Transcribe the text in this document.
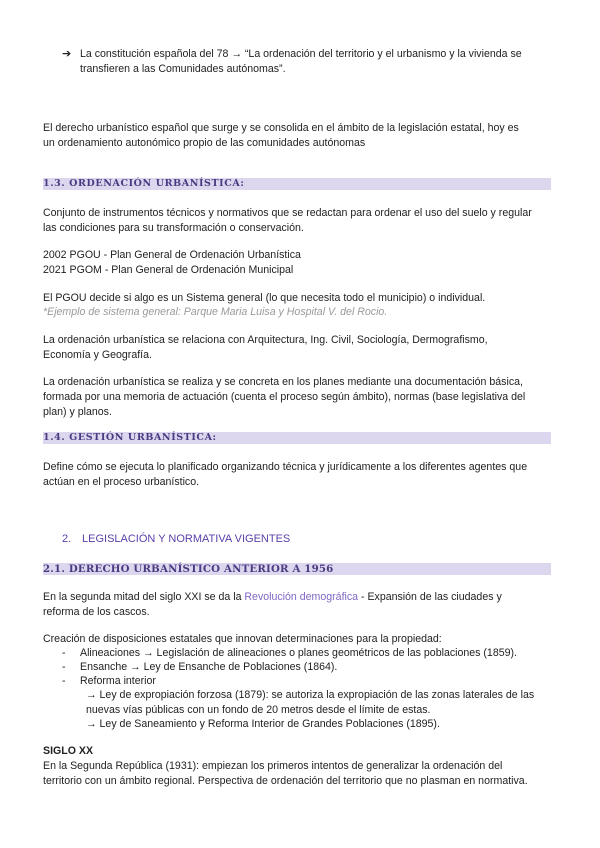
➔ La constitución española del 78 → “La ordenación del territorio y el urbanismo y la vivienda se transfieren a las Comunidades autónomas”.

El derecho urbanístico español que surge y se consolida en el ámbito de la legislación estatal, hoy es un ordenamiento autonómico propio de las comunidades autónomas

1.3. ORDENACIÓN URBANÍSTICA:

Conjunto de instrumentos técnicos y normativos que se redactan para ordenar el uso del suelo y regular las condiciones para su transformación o conservación.

2002 PGOU - Plan General de Ordenación Urbanística

2021 PGOM - Plan General de Ordenación Municipal

El PGOU decide si algo es un Sistema general (lo que necesita todo el municipio) o individual.

*Ejemplo de sistema general: Parque Maria Luisa y Hospital V. del Rocio.

La ordenación urbanística se relaciona con Arquitectura, Ing. Civil, Sociología, Dermografismo, Economía y Geografía.

La ordenación urbanística se realiza y se concreta en los planes mediante una documentación básica, formada por una memoria de actuación (cuenta el proceso según ámbito), normas (base legislativa del plan) y planos.

1.4. GESTIÓN URBANÍSTICA:

Define cómo se ejecuta lo planificado organizando técnica y jurídicamente a los diferentes agentes que actúan en el proceso urbanístico.

2. LEGISLACIÓN Y NORMATIVA VIGENTES
2.1. DERECHO URBANÍSTICO ANTERIOR A 1956

En la segunda mitad del siglo XXI se da la Revolución demográfica - Expansión de las ciudades y reforma de los cascos.

Creación de disposiciones estatales que innovan determinaciones para la propiedad:

- Alineaciones → Legislación de alineaciones o planes geométricos de las poblaciones (1859).
- Ensanche → Ley de Ensanche de Poblaciones (1864).
- Reforma interior
→ Ley de expropiación forzosa (1879): se autoriza la expropiación de las zonas laterales de las nuevas vías públicas con un fondo de 20 metros desde el límite de estas.
→ Ley de Saneamiento y Reforma Interior de Grandes Poblaciones (1895).

SIGLO XX

En la Segunda República (1931): empiezan los primeros intentos de generalizar la ordenación del territorio con un ámbito regional. Perspectiva de ordenación del territorio que no plasman en normativa.
